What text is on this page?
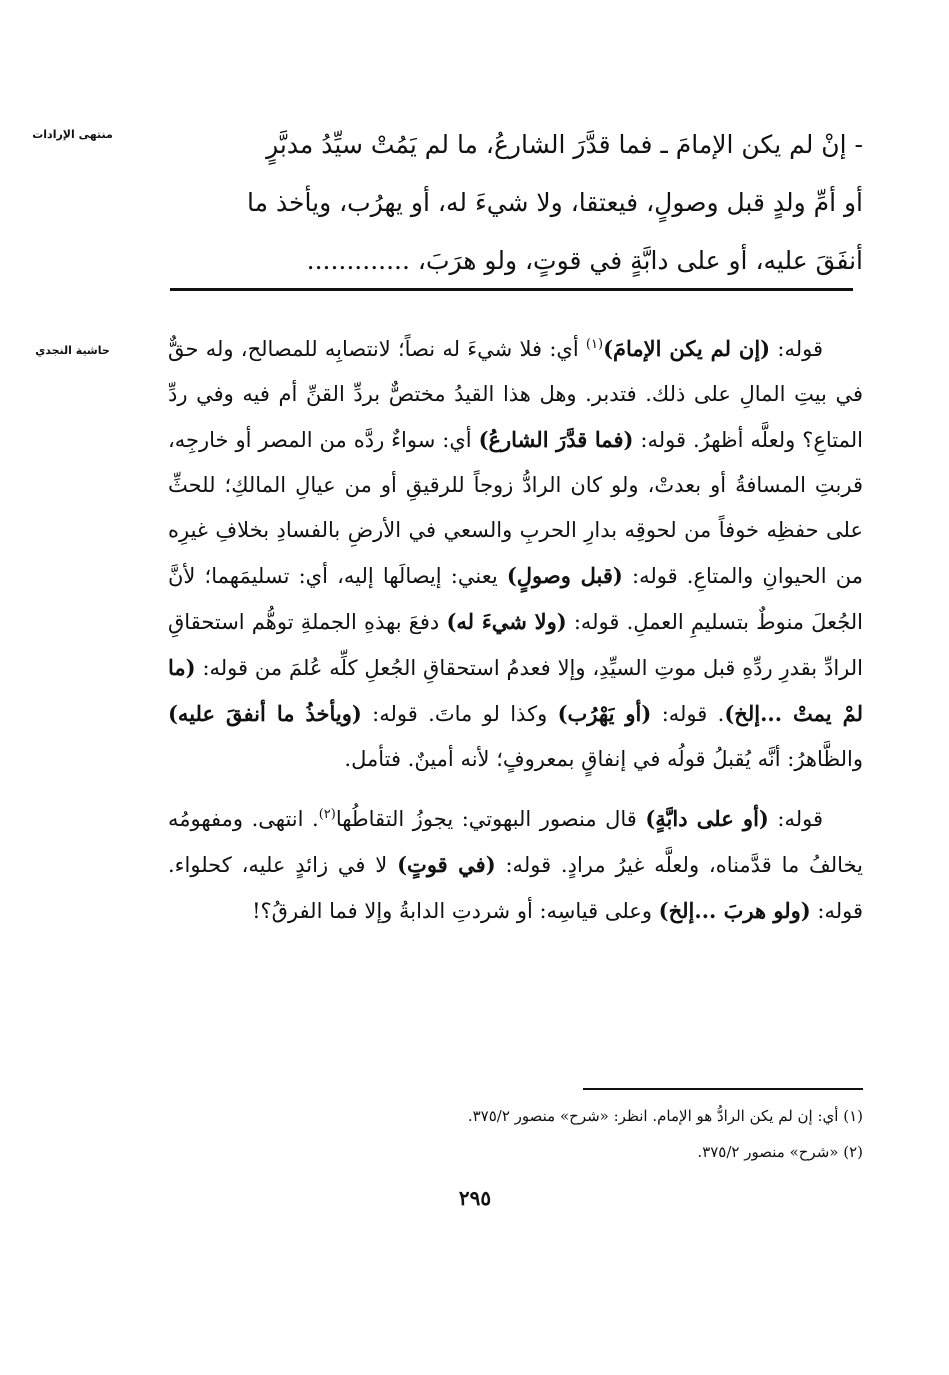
منتهى الإرادات
حاشية النجدي

- إنْ لم يكن الإمامَ ـ فما قدَّرَ الشارعُ، ما لم يَمُتْ سيِّدُ مدبَّرٍ

أو أمِّ ولدٍ قبل وصولٍ، فيعتقا، ولا شيءَ له، أو يهرُب، ويأخذ ما

أنفَقَ عليه، أو على دابَّةٍ في قوتٍ، ولو هرَبَ، .............

قوله: (إن لم يكن الإمامَ)$^{(١)}$ أي: فلا شيءَ له نصاً؛ لانتصابِه للمصالح، وله حقٌّ في بيتِ المالِ على ذلك. فتدبر. وهل هذا القيدُ مختصٌّ بردِّ القنِّ أم فيه وفي ردِّ المتاعِ؟ ولعلَّه أظهرُ. قوله: (فما قدَّرَ الشارعُ) أي: سواءٌ ردَّه من المصر أو خارجِه، قربتِ المسافةُ أو بعدتْ، ولو كان الرادُّ زوجاً للرقيقِ أو من عيالِ المالكِ؛ للحثِّ على حفظِه خوفاً من لحوقِه بدارِ الحربِ والسعي في الأرضِ بالفسادِ بخلافِ غيرِه من الحيوانِ والمتاعِ. قوله: (قبل وصولٍ) يعني: إيصالَها إليه، أي: تسليمَهما؛ لأنَّ الجُعلَ منوطٌ بتسليمِ العملِ. قوله: (ولا شيءَ له) دفعَ بهذهِ الجملةِ توهُّم استحقاقِ الرادِّ بقدرِ ردِّهِ قبل موتِ السيِّدِ، وإلا فعدمُ استحقاقِ الجُعلِ كلِّه عُلمَ من قوله: (ما لمْ يمتْ ...إلخ). قوله: (أو يَهْرُب) وكذا لو ماتَ. قوله: (ويأخذُ ما أنفقَ عليه) والظَّاهرُ: أنَّه يُقبلُ قولُه في إنفاقٍ بمعروفٍ؛ لأنه أمينٌ. فتأمل.

قوله: (أو على دابَّةٍ) قال منصور البهوتي: يجوزُ التقاطُها$^{(٢)}$. انتهى. ومفهومُه يخالفُ ما قدَّمناه، ولعلَّه غيرُ مرادٍ. قوله: (في قوتٍ) لا في زائدٍ عليه، كحلواء. قوله: (ولو هربَ ...إلخ) وعلى قياسِه: أو شردتِ الدابةُ وإلا فما الفرقُ؟!

(١) أي: إن لم يكن الرادُّ هو الإمام. انظر: «شرح» منصور ٣٧٥/٢.
(٢) «شرح» منصور ٣٧٥/٢.
٢٩٥
